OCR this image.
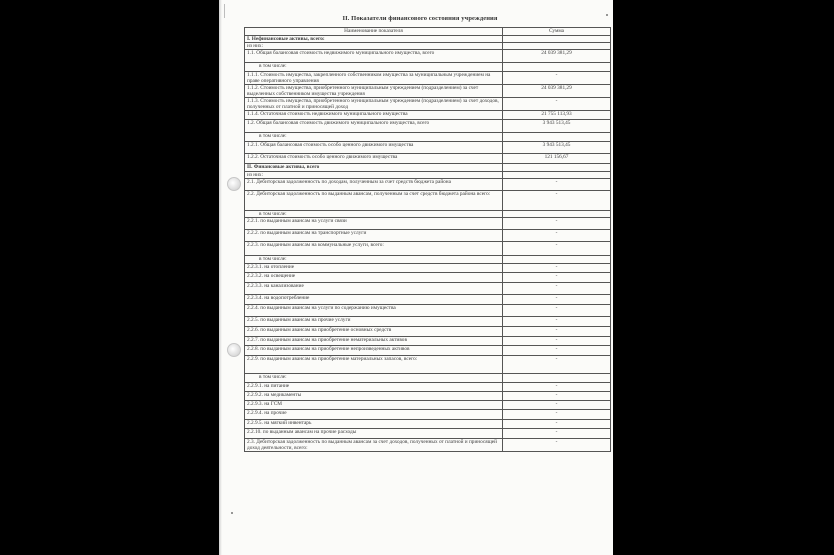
II. Показатели финансового состояния учреждения
Наименование показателя	Сумма
I. Нефинансовые активы, всего:	
из них:	
1.1. Общая балансовая стоимость недвижимого муниципального имущества, всего	24 039 381,29
в том числе:	
1.1.1. Стоимость имущества, закрепленного собственником имущества за муниципальным учреждением на праве оперативного управления	-
1.1.2. Стоимость имущества, приобретенного муниципальным учреждением (подразделением) за счет выделенных собственником имущества учреждения	24 039 381,29
1.1.3. Стоимость имущества, приобретенного муниципальным учреждением (подразделением) за счет доходов, полученных от платной и приносящей доход	-
1.1.4. Остаточная стоимость недвижимого муниципального имущества	21 755 113,93
1.2. Общая балансовая стоимость движимого муниципального имущества, всего	3 943 513,45
в том числе:	
1.2.1. Общая балансовая стоимость особо ценного движимого имущества	3 943 513,45
1.2.2. Остаточная стоимость особо ценного движимого имущества	121 156,67
II. Финансовые активы, всего	
из них:	
2.1. Дебиторская задолженность по доходам, полученным за счет средств бюджета района	-
2.2. Дебиторская задолженность по выданным авансам, полученным за счет средств бюджета района всего:	-
в том числе:	
2.2.1. по выданным авансам на услуги связи	-
2.2.2. по выданным авансам на транспортные услуги	-
2.2.3. по выданным авансам на коммунальные услуги, всего:	-
в том числе:	
2.2.3.1. на отопление	-
2.2.3.2. на освещение	-
2.2.3.3. на канализование	-
2.2.3.4. на водопотребление	-
2.2.4. по выданным авансам на услуги по содержанию имущества	-
2.2.5. по выданным авансам на прочие услуги	-
2.2.6. по выданным авансам на приобретение основных средств	-
2.2.7. по выданным авансам на приобретение нематериальных активов	-
2.2.8. по выданным авансам на приобретение непроизведенных активов	-
2.2.9. по выданным авансам на приобретение материальных запасов, всего:	-
в том числе:	
2.2.9.1. на питание	-
2.2.9.2. на медикаменты	-
2.2.9.3. на ГСМ	-
2.2.9.4. на прочие	-
2.2.9.5. на мягкий инвентарь	-
2.2.10. по выданным авансам на прочие расходы	-
2.3. Дебиторская задолженность по выданным авансам за счет доходов, полученных от платной и приносящей доход деятельности, всего:	-
